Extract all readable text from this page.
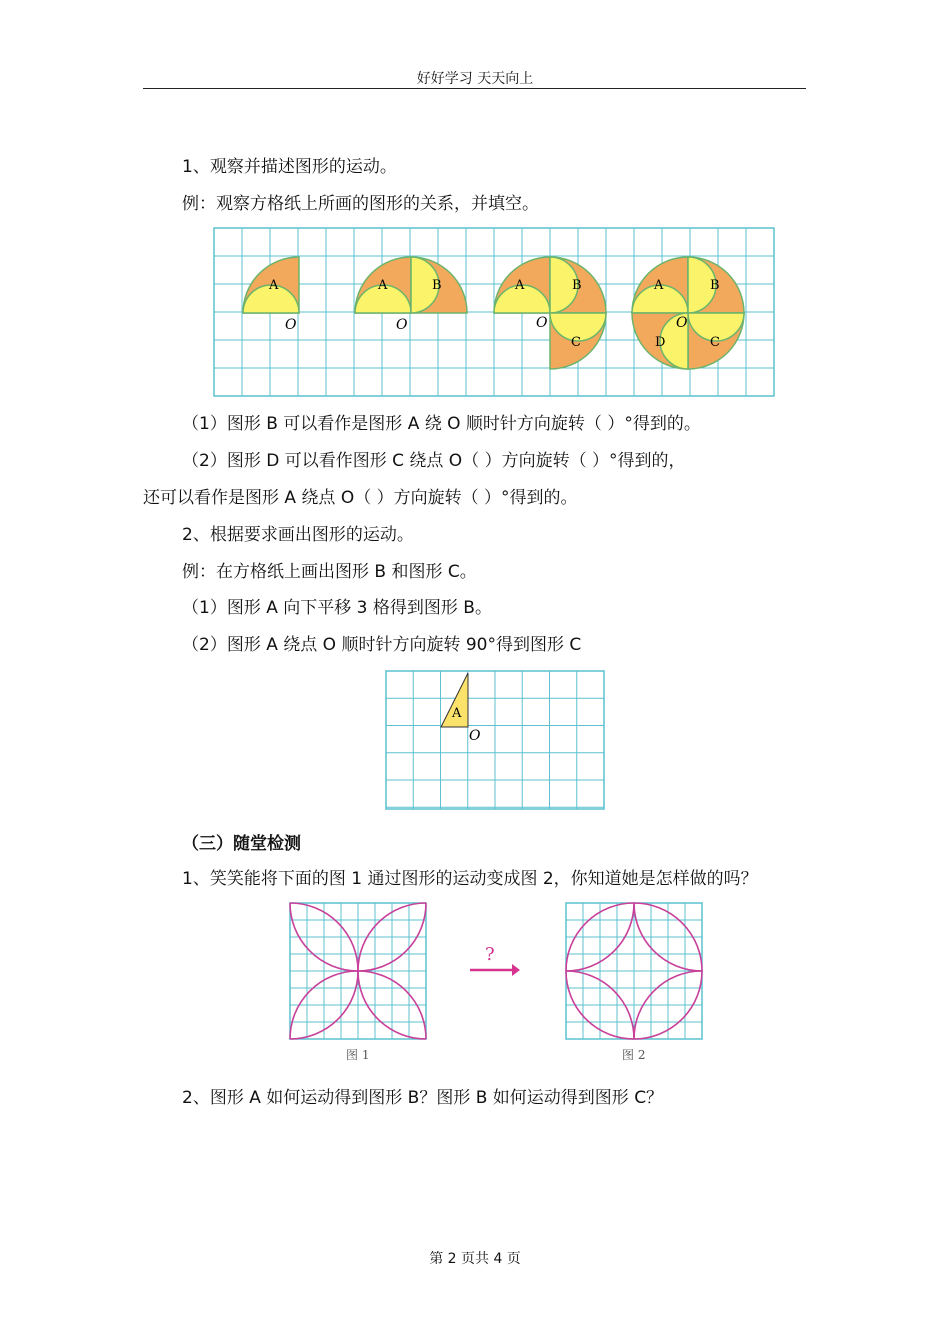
好好学习 天天向上
1、观察并描述图形的运动。
例：观察方格纸上所画的图形的关系，并填空。
A
O
A	B
O
A	B
C
O
A	B
C
D
O
（1）图形 B 可以看作是图形 A 绕 O 顺时针方向旋转（ ）°得到的。
（2）图形 D 可以看作图形 C 绕点 O（ ）方向旋转（ ）°得到的，
还可以看作是图形 A 绕点 O（ ）方向旋转（ ）°得到的。
2、根据要求画出图形的运动。
例：在方格纸上画出图形 B 和图形 C。
（1）图形 A 向下平移 3 格得到图形 B。
（2）图形 A 绕点 O 顺时针方向旋转 90°得到图形 C
A
O
（三）随堂检测
1、笑笑能将下面的图 1 通过图形的运动变成图 2，你知道她是怎样做的吗？
图 1
?
图 2
2、图形 A 如何运动得到图形 B？图形 B 如何运动得到图形 C？
第 2 页共 4 页
